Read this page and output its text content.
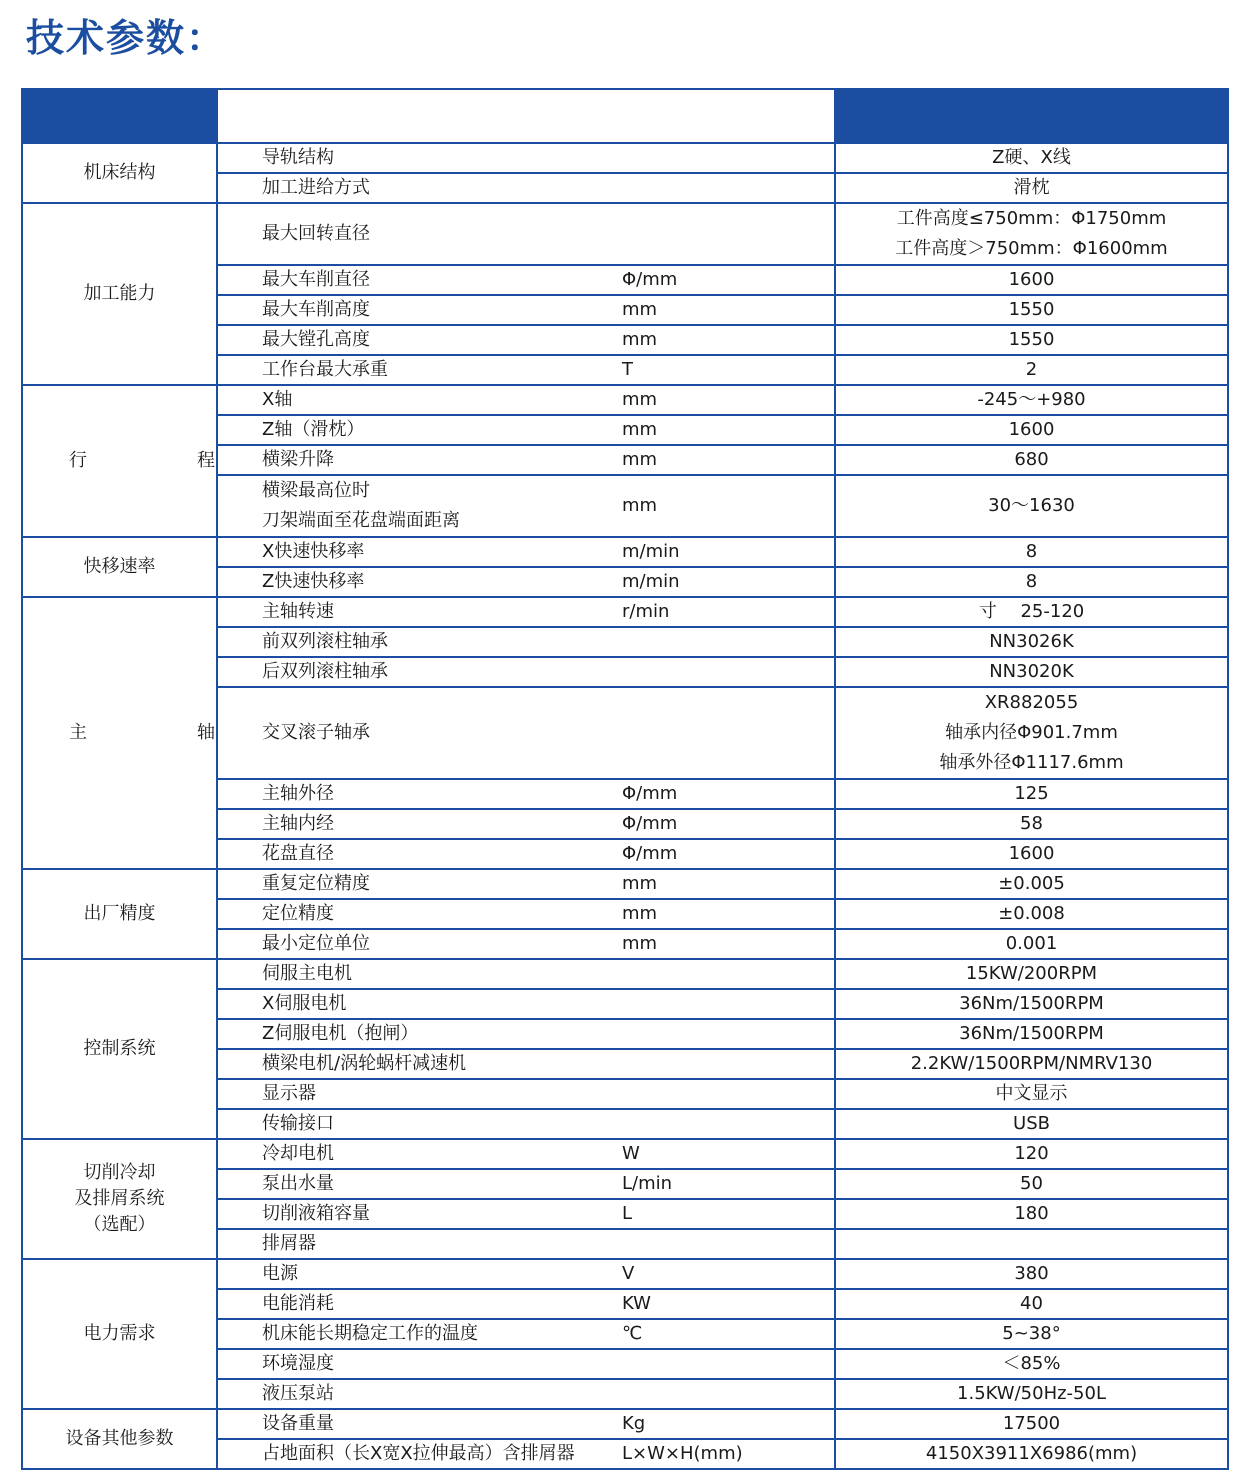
技术参数：

机床结构	导轨结构		Z硬、X线
	加工进给方式		滑枕
加工能力	最大回转直径		工件高度≤750mm：Φ1750mm
工件高度＞750mm：Φ1600mm

	最大车削直径	Φ/mm	1600
	最大车削高度	mm	1550
	最大镗孔高度	mm	1550
	工作台最大承重	T	2
行　程	X轴	mm	-245～+980
	Z轴（滑枕）	mm	1600
	横梁升降	mm	680

	横梁最高位时
刀架端面至花盘端面距离	mm	30～1630
快移速率	X快速快移率	m/min	8
	Z快速快移率	m/min	8
主　轴	主轴转速	r/min	寸　 25-120
	前双列滚柱轴承		NN3026K
	后双列滚柱轴承		NN3020K
	交叉滚子轴承		XR882055
轴承内径Φ901.7mm
轴承外径Φ1117.6mm

	主轴外径	Φ/mm	125
	主轴内经	Φ/mm	58
	花盘直径	Φ/mm	1600
出厂精度	重复定位精度	mm	±0.005
	定位精度	mm	±0.008
	最小定位单位	mm	0.001
控制系统	伺服主电机		15KW/200RPM
	X伺服电机		36Nm/1500RPM
	Z伺服电机（抱闸）		36Nm/1500RPM
	横梁电机/涡轮蜗杆减速机		2.2KW/1500RPM/NMRV130
	显示器		中文显示
	传输接口		USB

切削冷却
及排屑系统
（选配）	冷却电机	W	120
	泵出水量	L/min	50
	切削液箱容量	L	180
	排屑器		
电力需求	电源	V	380
	电能消耗	KW	40
	机床能长期稳定工作的温度	℃	5~38°
	环境湿度		＜85%
	液压泵站		1.5KW/50Hz-50L
设备其他参数	设备重量	Kg	17500
	占地面积（长X宽X拉伸最高）含排屑器	L×W×H(mm)	4150X3911X6986(mm)
